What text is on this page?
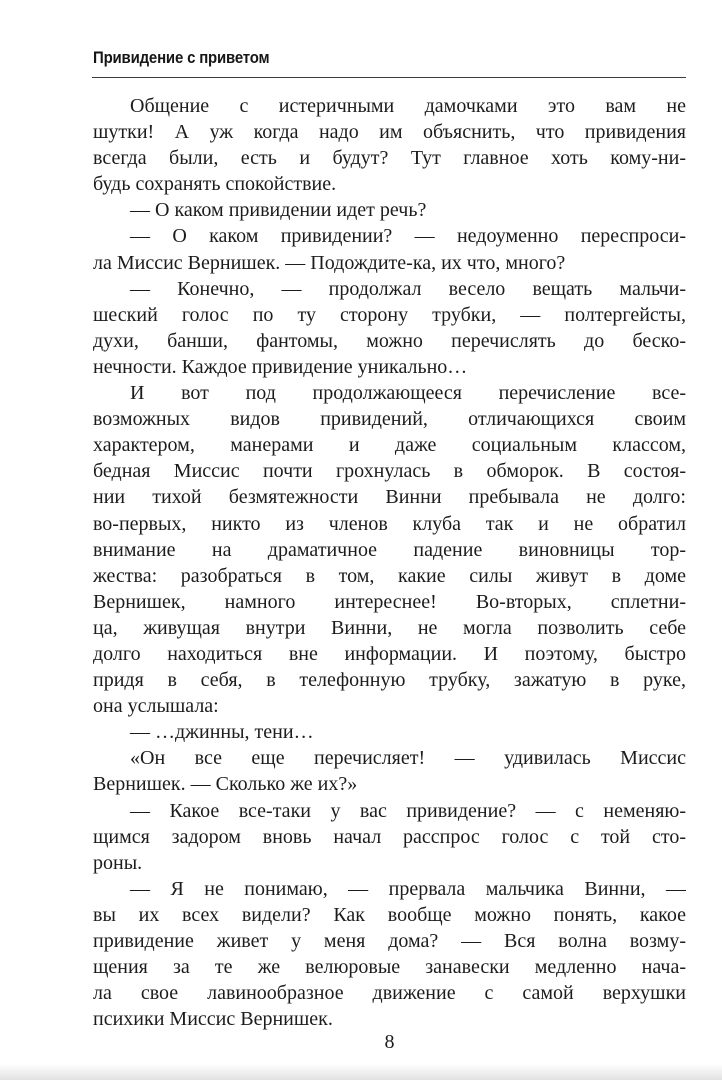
Привидение с приветом
Общение с истеричными дамочками это вам не
шутки! А уж когда надо им объяснить, что привидения
всегда были, есть и будут? Тут главное хоть кому-ни-
будь сохранять спокойствие.
— О каком привидении идет речь?
— О каком привидении? — недоуменно переспроси-
ла Миссис Вернишек. — Подождите-ка, их что, много?
— Конечно, — продолжал весело вещать мальчи-
шеский голос по ту сторону трубки, — полтергейсты,
духи, банши, фантомы, можно перечислять до беско-
нечности. Каждое привидение уникально…
И вот под продолжающееся перечисление все-
возможных видов привидений, отличающихся своим
характером, манерами и даже социальным классом,
бедная Миссис почти грохнулась в обморок. В состоя-
нии тихой безмятежности Винни пребывала не долго:
во-первых, никто из членов клуба так и не обратил
внимание на драматичное падение виновницы тор-
жества: разобраться в том, какие силы живут в доме
Вернишек, намного интереснее! Во-вторых, сплетни-
ца, живущая внутри Винни, не могла позволить себе
долго находиться вне информации. И поэтому, быстро
придя в себя, в телефонную трубку, зажатую в руке,
она услышала:
— …джинны, тени…
«Он все еще перечисляет! — удивилась Миссис
Вернишек. — Сколько же их?»
— Какое все-таки у вас привидение? — с неменяю-
щимся задором вновь начал расспрос голос с той сто-
роны.
— Я не понимаю, — прервала мальчика Винни, —
вы их всех видели? Как вообще можно понять, какое
привидение живет у меня дома? — Вся волна возму-
щения за те же велюровые занавески медленно нача-
ла свое лавинообразное движение с самой верхушки
психики Миссис Вернишек.
8
